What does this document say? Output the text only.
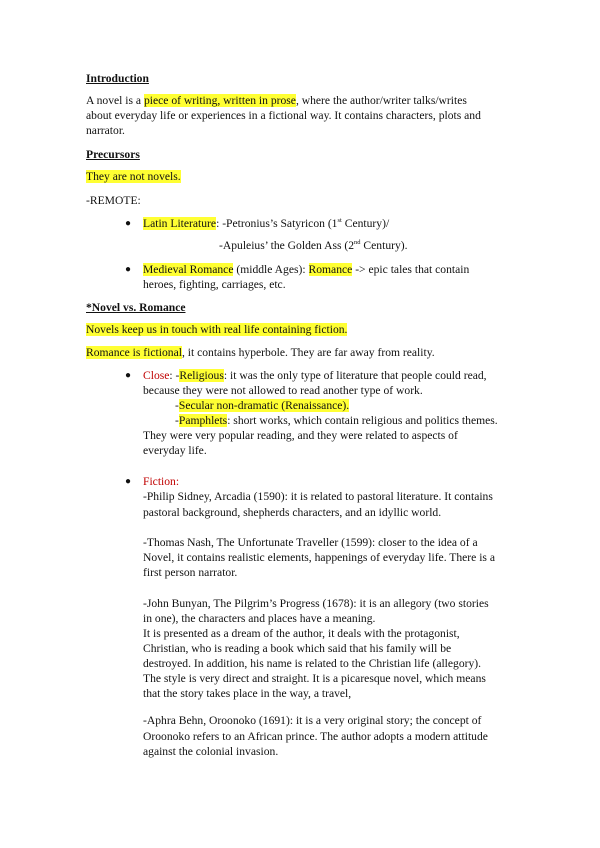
Introduction
A novel is a piece of writing, written in prose, where the author/writer talks/writes
about everyday life or experiences in a fictional way. It contains characters, plots and
narrator.
Precursors
They are not novels.
-REMOTE:
● Latin Literature: -Petronius’s Satyricon (1st Century)/
-Apuleius’ the Golden Ass (2nd Century).
● Medieval Romance (middle Ages): Romance -> epic tales that contain
heroes, fighting, carriages, etc.
*Novel vs. Romance
Novels keep us in touch with real life containing fiction.
Romance is fictional, it contains hyperbole. They are far away from reality.
● Close: -Religious: it was the only type of literature that people could read,
because they were not allowed to read another type of work.
-Secular non-dramatic (Renaissance).
-Pamphlets: short works, which contain religious and politics themes.
They were very popular reading, and they were related to aspects of
everyday life.
● Fiction:
-Philip Sidney, Arcadia (1590): it is related to pastoral literature. It contains
pastoral background, shepherds characters, and an idyllic world.
-Thomas Nash, The Unfortunate Traveller (1599): closer to the idea of a
Novel, it contains realistic elements, happenings of everyday life. There is a
first person narrator.
-John Bunyan, The Pilgrim’s Progress (1678): it is an allegory (two stories
in one), the characters and places have a meaning.
It is presented as a dream of the author, it deals with the protagonist,
Christian, who is reading a book which said that his family will be
destroyed. In addition, his name is related to the Christian life (allegory).
The style is very direct and straight. It is a picaresque novel, which means
that the story takes place in the way, a travel,
-Aphra Behn, Oroonoko (1691): it is a very original story; the concept of
Oroonoko refers to an African prince. The author adopts a modern attitude
against the colonial invasion.
